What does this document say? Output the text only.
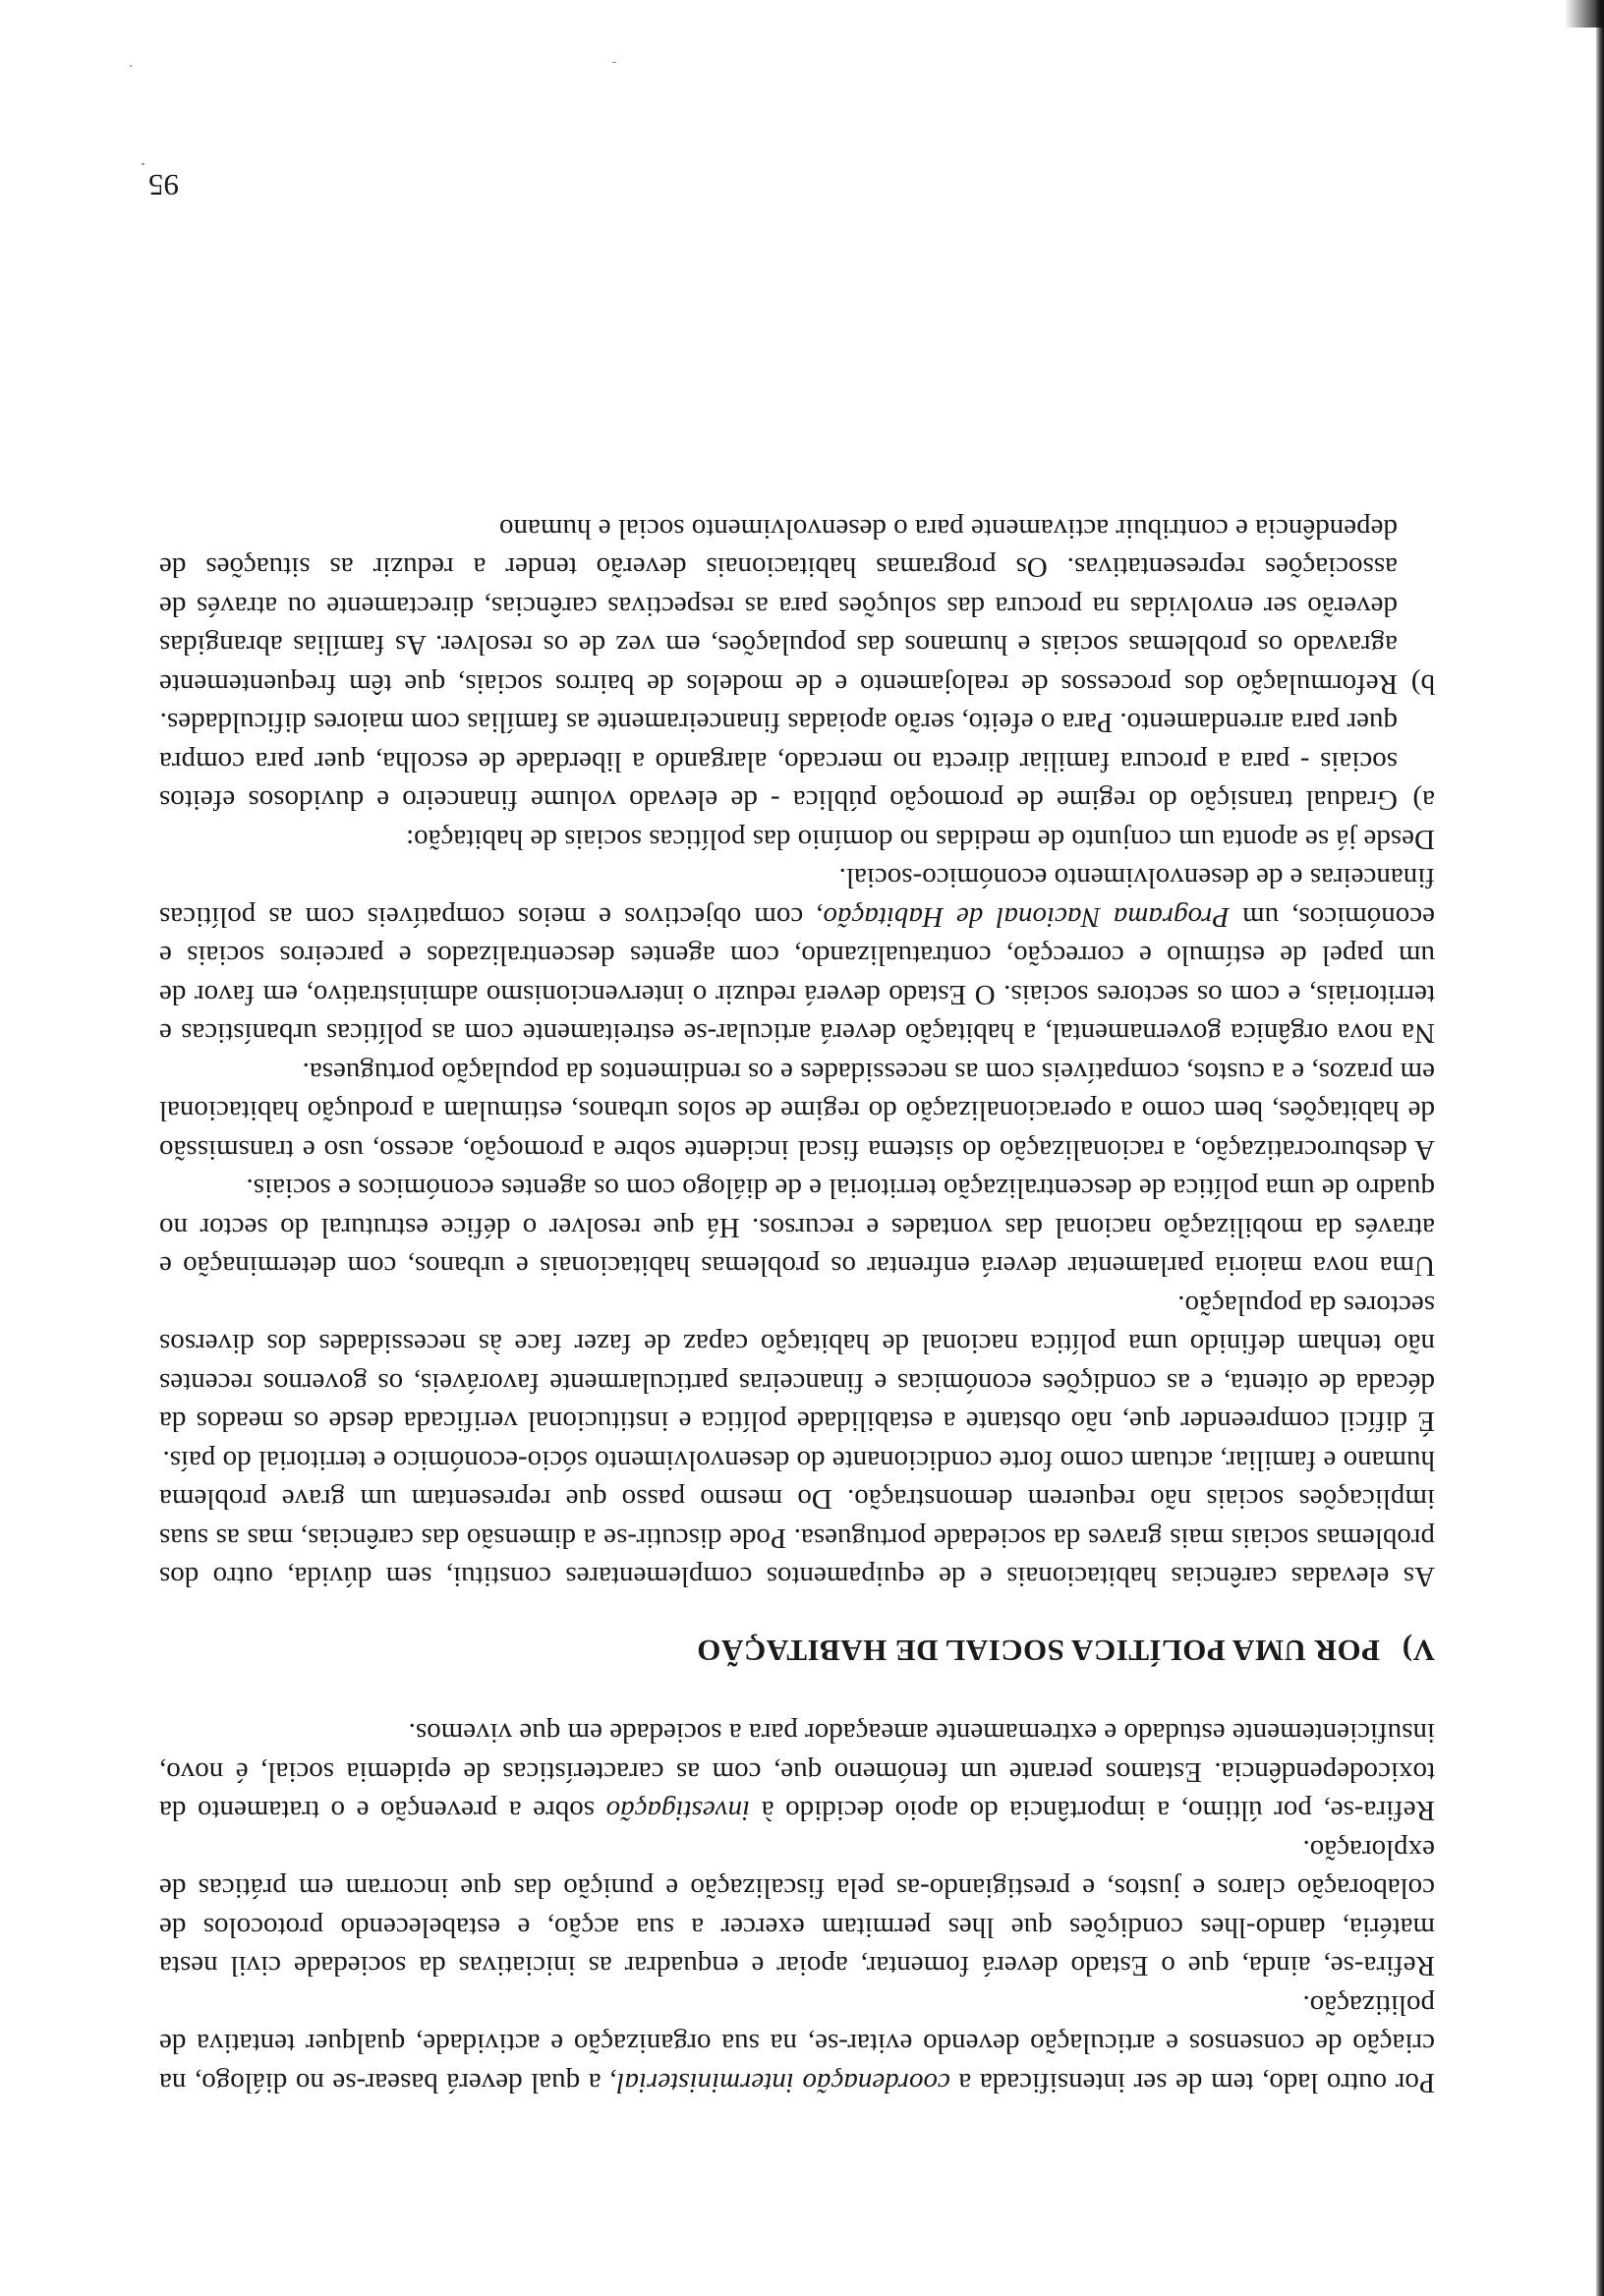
Por outro lado, tem de ser intensificada a coordenação interministerial, a qual deverá basear-se no diálogo, na criação de consensos e articulação devendo evitar-se, na sua organização e actividade, qualquer tentativa de politização.

Refira-se, ainda, que o Estado deverá fomentar, apoiar e enquadrar as iniciativas da sociedade civil nesta matéria, dando-lhes condições que lhes permitam exercer a sua acção, e estabelecendo protocolos de colaboração claros e justos, e prestigiando-as pela fiscalização e punição das que incorram em práticas de exploração.

Refira-se, por último, a importância do apoio decidido à investigação sobre a prevenção e o tratamento da toxicodependência. Estamos perante um fenómeno que, com as características de epidemia social, é novo, insuficientemente estudado e extremamente ameaçador para a sociedade em que vivemos.

V) POR UMA POLÍTICA SOCIAL DE HABITAÇÃO

As elevadas carências habitacionais e de equipamentos complementares constitui, sem dúvida, outro dos problemas sociais mais graves da sociedade portuguesa. Pode discutir-se a dimensão das carências, mas as suas implicações sociais não requerem demonstração. Do mesmo passo que representam um grave problema humano e familiar, actuam como forte condicionante do desenvolvimento sócio-económico e territorial do país.

É difícil compreender que, não obstante a estabilidade política e institucional verificada desde os meados da década de oitenta, e as condições económicas e financeiras particularmente favoráveis, os governos recentes não tenham definido uma política nacional de habitação capaz de fazer face às necessidades dos diversos sectores da população.

Uma nova maioria parlamentar deverá enfrentar os problemas habitacionais e urbanos, com determinação e através da mobilização nacional das vontades e recursos. Há que resolver o défice estrutural do sector no quadro de uma política de descentralização territorial e de diálogo com os agentes económicos e sociais.

A desburocratização, a racionalização do sistema fiscal incidente sobre a promoção, acesso, uso e transmissão de habitações, bem como a operacionalização do regime de solos urbanos, estimulam a produção habitacional em prazos, e a custos, compatíveis com as necessidades e os rendimentos da população portuguesa.

Na nova orgânica governamental, a habitação deverá articular-se estreitamente com as políticas urbanísticas e territoriais, e com os sectores sociais. O Estado deverá reduzir o intervencionismo administrativo, em favor de um papel de estímulo e correcção, contratualizando, com agentes descentralizados e parceiros sociais e económicos, um Programa Nacional de Habitação, com objectivos e meios compatíveis com as políticas financeiras e de desenvolvimento económico-social.

Desde já se aponta um conjunto de medidas no domínio das políticas sociais de habitação:

a)
Gradual transição do regime de promoção pública - de elevado volume financeiro e duvidosos efeitos sociais - para a procura familiar directa no mercado, alargando a liberdade de escolha, quer para compra quer para arrendamento. Para o efeito, serão apoiadas financeiramente as famílias com maiores dificuldades.
b)
Reformulação dos processos de realojamento e de modelos de bairros sociais, que têm frequentemente agravado os problemas sociais e humanos das populações, em vez de os resolver. As famílias abrangidas deverão ser envolvidas na procura das soluções para as respectivas carências, directamente ou através de associações representativas. Os programas habitacionais deverão tender a reduzir as situações de dependência e contribuir activamente para o desenvolvimento social e humano
95
